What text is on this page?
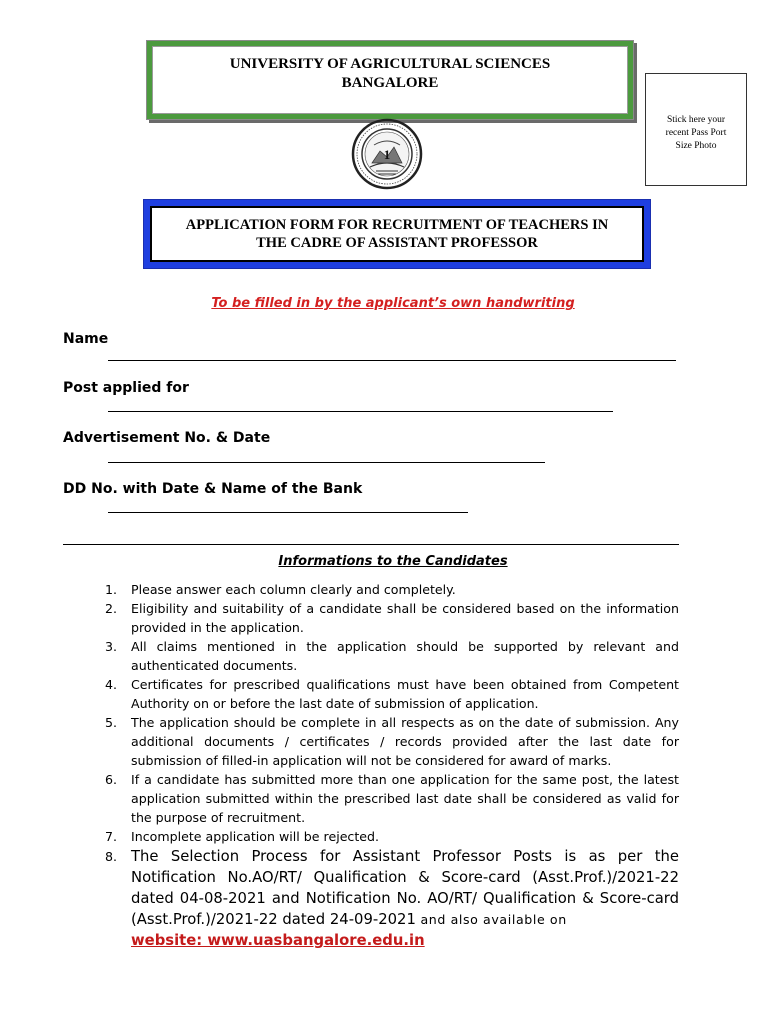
UNIVERSITY OF AGRICULTURAL SCIENCES
BANGALORE
Stick here your
recent Pass Port
Size Photo
1
APPLICATION FORM FOR RECRUITMENT OF TEACHERS IN
THE CADRE OF ASSISTANT PROFESSOR
To be filled in by the applicant’s own handwriting
Name
Post applied for
Advertisement No. & Date
DD No. with Date & Name of the Bank
Informations to the Candidates
1.	Please answer each column clearly and completely.
2.	Eligibility and suitability of a candidate shall be considered based on the information provided in the application.
3.	All claims mentioned in the application should be supported by relevant and authenticated documents.
4.	Certificates for prescribed qualifications must have been obtained from Competent Authority on or before the last date of submission of application.
5.	The application should be complete in all respects as on the date of submission. Any additional documents / certificates / records provided after the last date for submission of filled-in application will not be considered for award of marks.
6.	If a candidate has submitted more than one application for the same post, the latest application submitted within the prescribed last date shall be considered as valid for the purpose of recruitment.
7.	Incomplete application will be rejected.
8. The Selection Process for Assistant Professor Posts is as per the Notification No.AO/RT/ Qualification & Score-card (Asst.Prof.)/2021-22 dated 04-08-2021 and Notification No. AO/RT/ Qualification & Score-card (Asst.Prof.)/2021-22 dated 24-09-2021 and also available on
website: www.uasbangalore.edu.in
